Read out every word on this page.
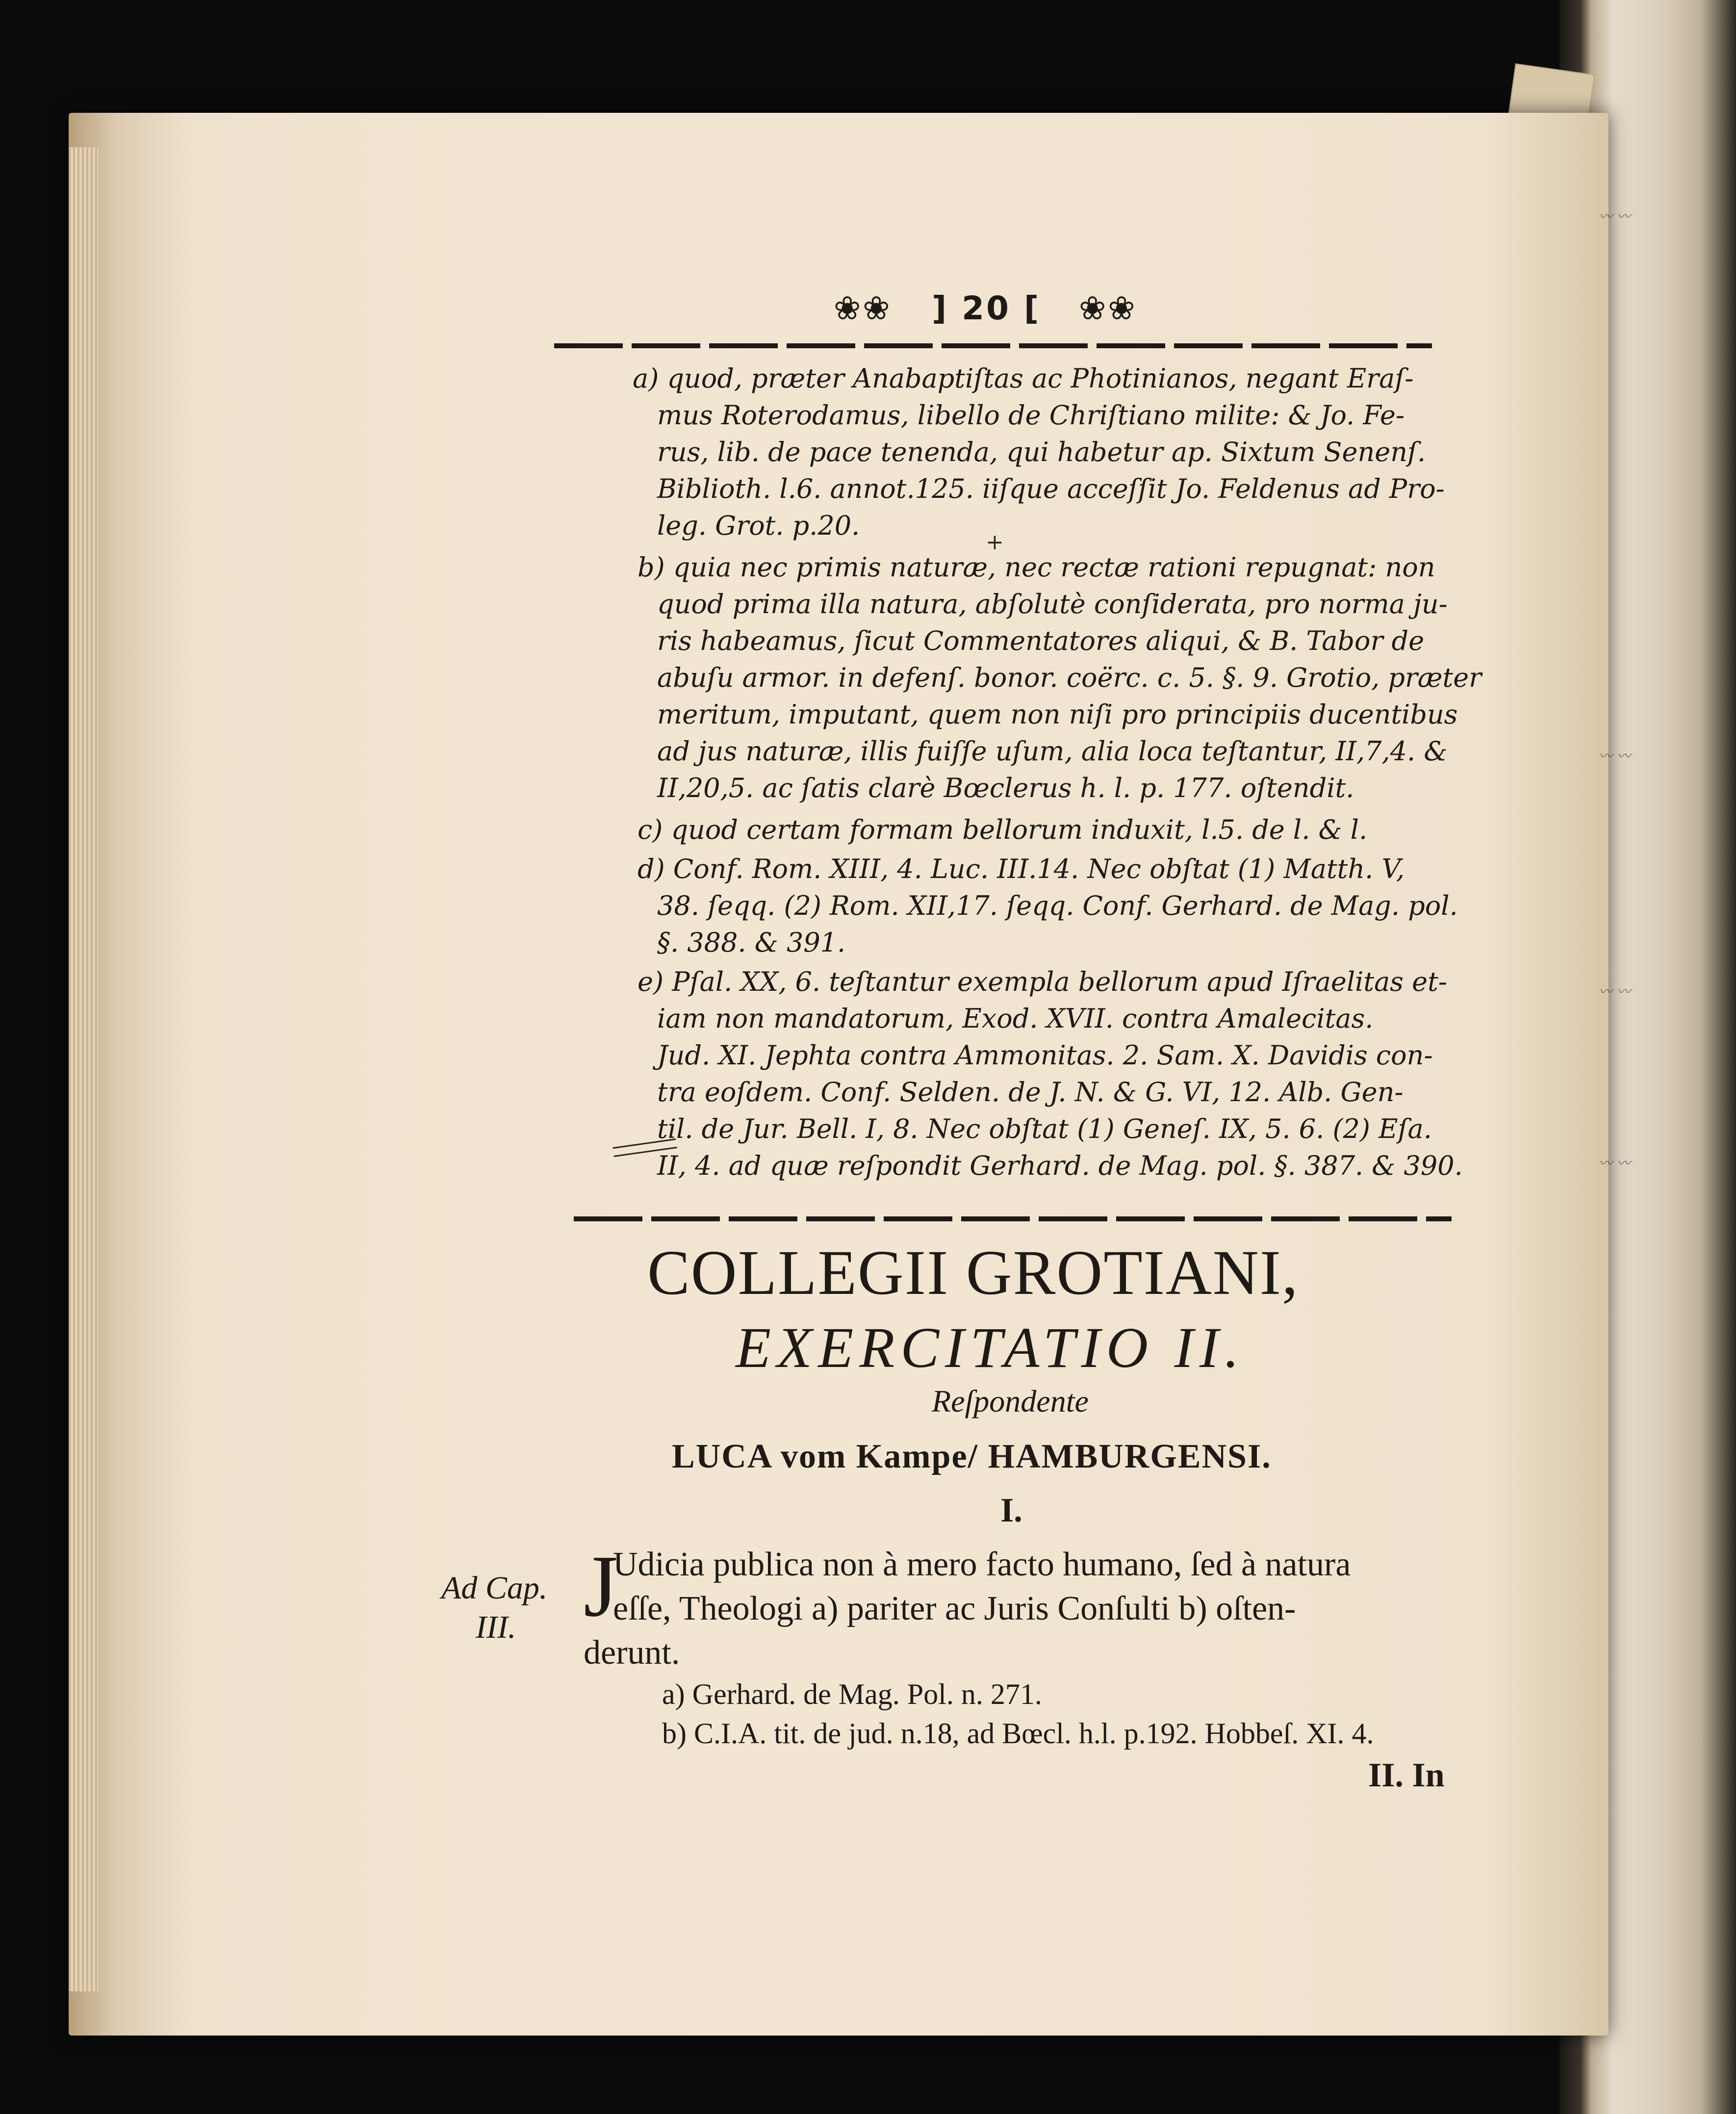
〰︎ 〰︎
〰︎ 〰︎
〰︎ 〰︎
〰︎ 〰︎
❀❀ ] 20 [ ❀❀
a) quod, præter Anabaptiſtas ac Photinianos, negant Eraſ-
mus Roterodamus, libello de Chriſtiano milite: & Jo. Fe-
rus, lib. de pace tenenda, qui habetur ap. Sixtum Senenſ.
Biblioth. l.6. annot.125. iiſque acceſſit Jo. Feldenus ad Pro-
leg. Grot. p.20.
b) quia nec primis naturæ, nec rectæ rationi repugnat: non
quod prima illa natura, abſolutè conſiderata, pro norma ju-
ris habeamus, ſicut Commentatores aliqui, & B. Tabor de
abuſu armor. in defenſ. bonor. coërc. c. 5. §. 9. Grotio, præter
meritum, imputant, quem non niſi pro principiis ducentibus
ad jus naturæ, illis fuiſſe uſum, alia loca teſtantur, II,7,4. &
II,20,5. ac ſatis clarè Bœclerus h. l. p. 177. oſtendit.
c) quod certam formam bellorum induxit, l.5. de l. & l.
d) Conf. Rom. XIII, 4. Luc. III.14. Nec obſtat (1) Matth. V,
38. ſeqq. (2) Rom. XII,17. ſeqq. Conf. Gerhard. de Mag. pol.
§. 388. & 391.
e) Pſal. XX, 6. teſtantur exempla bellorum apud Iſraelitas et-
iam non mandatorum, Exod. XVII. contra Amalecitas.
Jud. XI. Jephta contra Ammonitas. 2. Sam. X. Davidis con-
tra eoſdem. Conf. Selden. de J. N. & G. VI, 12. Alb. Gen-
til. de Jur. Bell. I, 8. Nec obſtat (1) Geneſ. IX, 5. 6. (2) Eſa.
II, 4. ad quæ reſpondit Gerhard. de Mag. pol. §. 387. & 390.
+
COLLEGII GROTIANI,
EXERCITATIO II.
Reſpondente
LUCA vom Kampe/ HAMBURGENSI.
I.
Ad Cap.
III. J
Udicia publica non à mero facto humano, ſed à natura
eſſe, Theologi a) pariter ac Juris Conſulti b) oſten-
derunt.
a) Gerhard. de Mag. Pol. n. 271.
b) C.I.A. tit. de jud. n.18, ad Bœcl. h.l. p.192. Hobbeſ. XI. 4.
II. In
